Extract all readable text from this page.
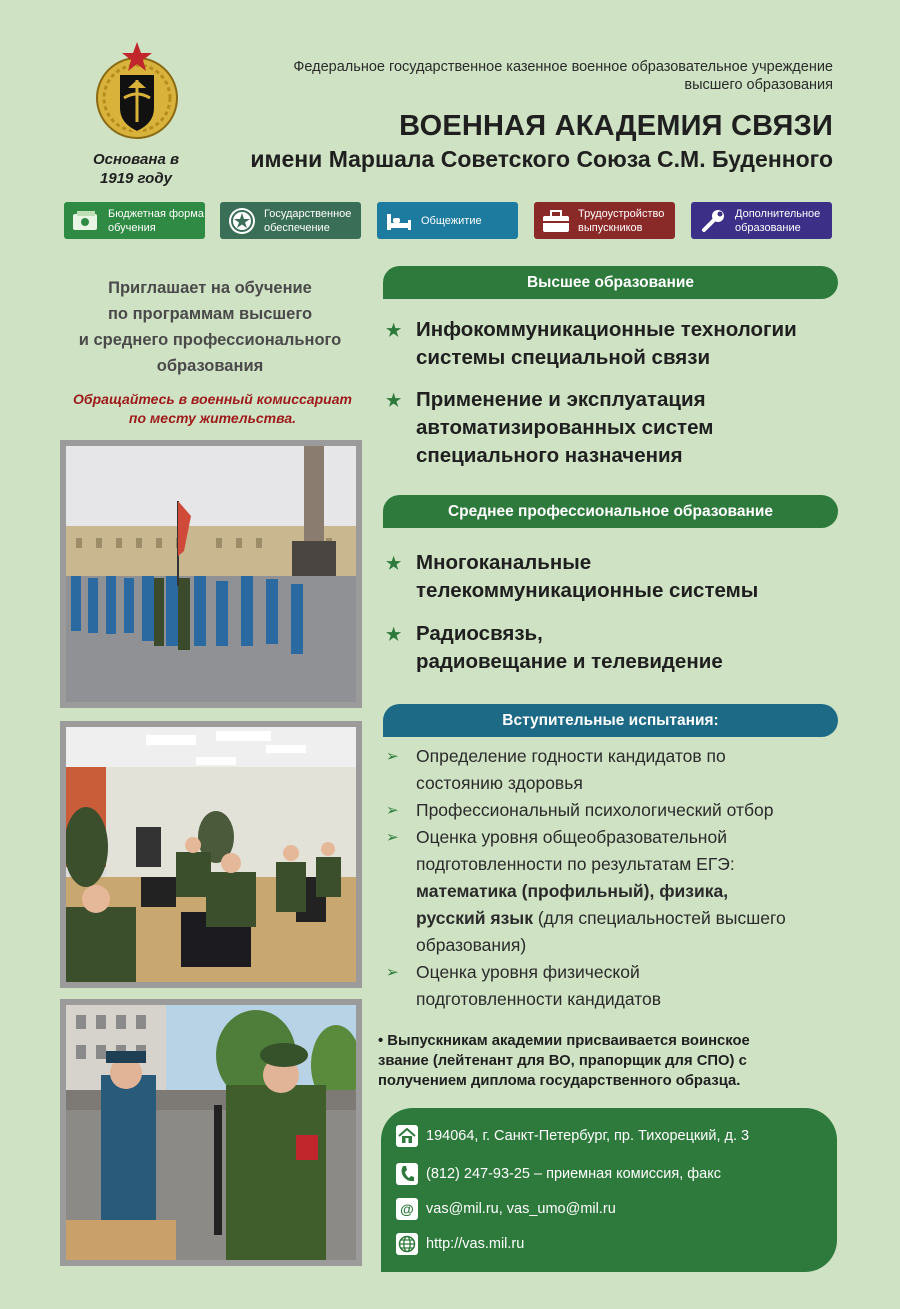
Основана в 1919 году
Федеральное государственное казенное военное образовательное учреждение
высшего образования
ВОЕННАЯ АКАДЕМИЯ СВЯЗИ
имени Маршала Советского Союза С.М. Буденного
Бюджетная форма обучения
Государственное обеспечение
Общежитие
Трудоустройство выпускников
Дополнительное образование
Приглашает на обучение
по программам высшего
и среднего профессионального
образования
Обращайтесь в военный комиссариат
по месту жительства.
Высшее образование
★ Инфокоммуникационные технологии
системы специальной связи
★ Применение и эксплуатация
автоматизированных систем
специального назначения
Среднее профессиональное образование
★ Многоканальные
телекоммуникационные системы
★ Радиосвязь,
радиовещание и телевидение
Вступительные испытания:
➢ Определение годности кандидатов по
состоянию здоровья
➢ Профессиональный психологический отбор
➢ Оценка уровня общеобразовательной
подготовленности по результатам ЕГЭ:
математика (профильный), физика,
русский язык (для специальностей высшего
образования)
➢ Оценка уровня физической
подготовленности кандидатов
• Выпускникам академии присваивается воинское
звание (лейтенант для ВО, прапорщик для СПО) с
получением диплома государственного образца.
194064, г. Санкт-Петербург, пр. Тихорецкий, д. 3
(812) 247-93-25 – приемная комиссия, факс
@ vas@mil.ru, vas_umo@mil.ru
http://vas.mil.ru
